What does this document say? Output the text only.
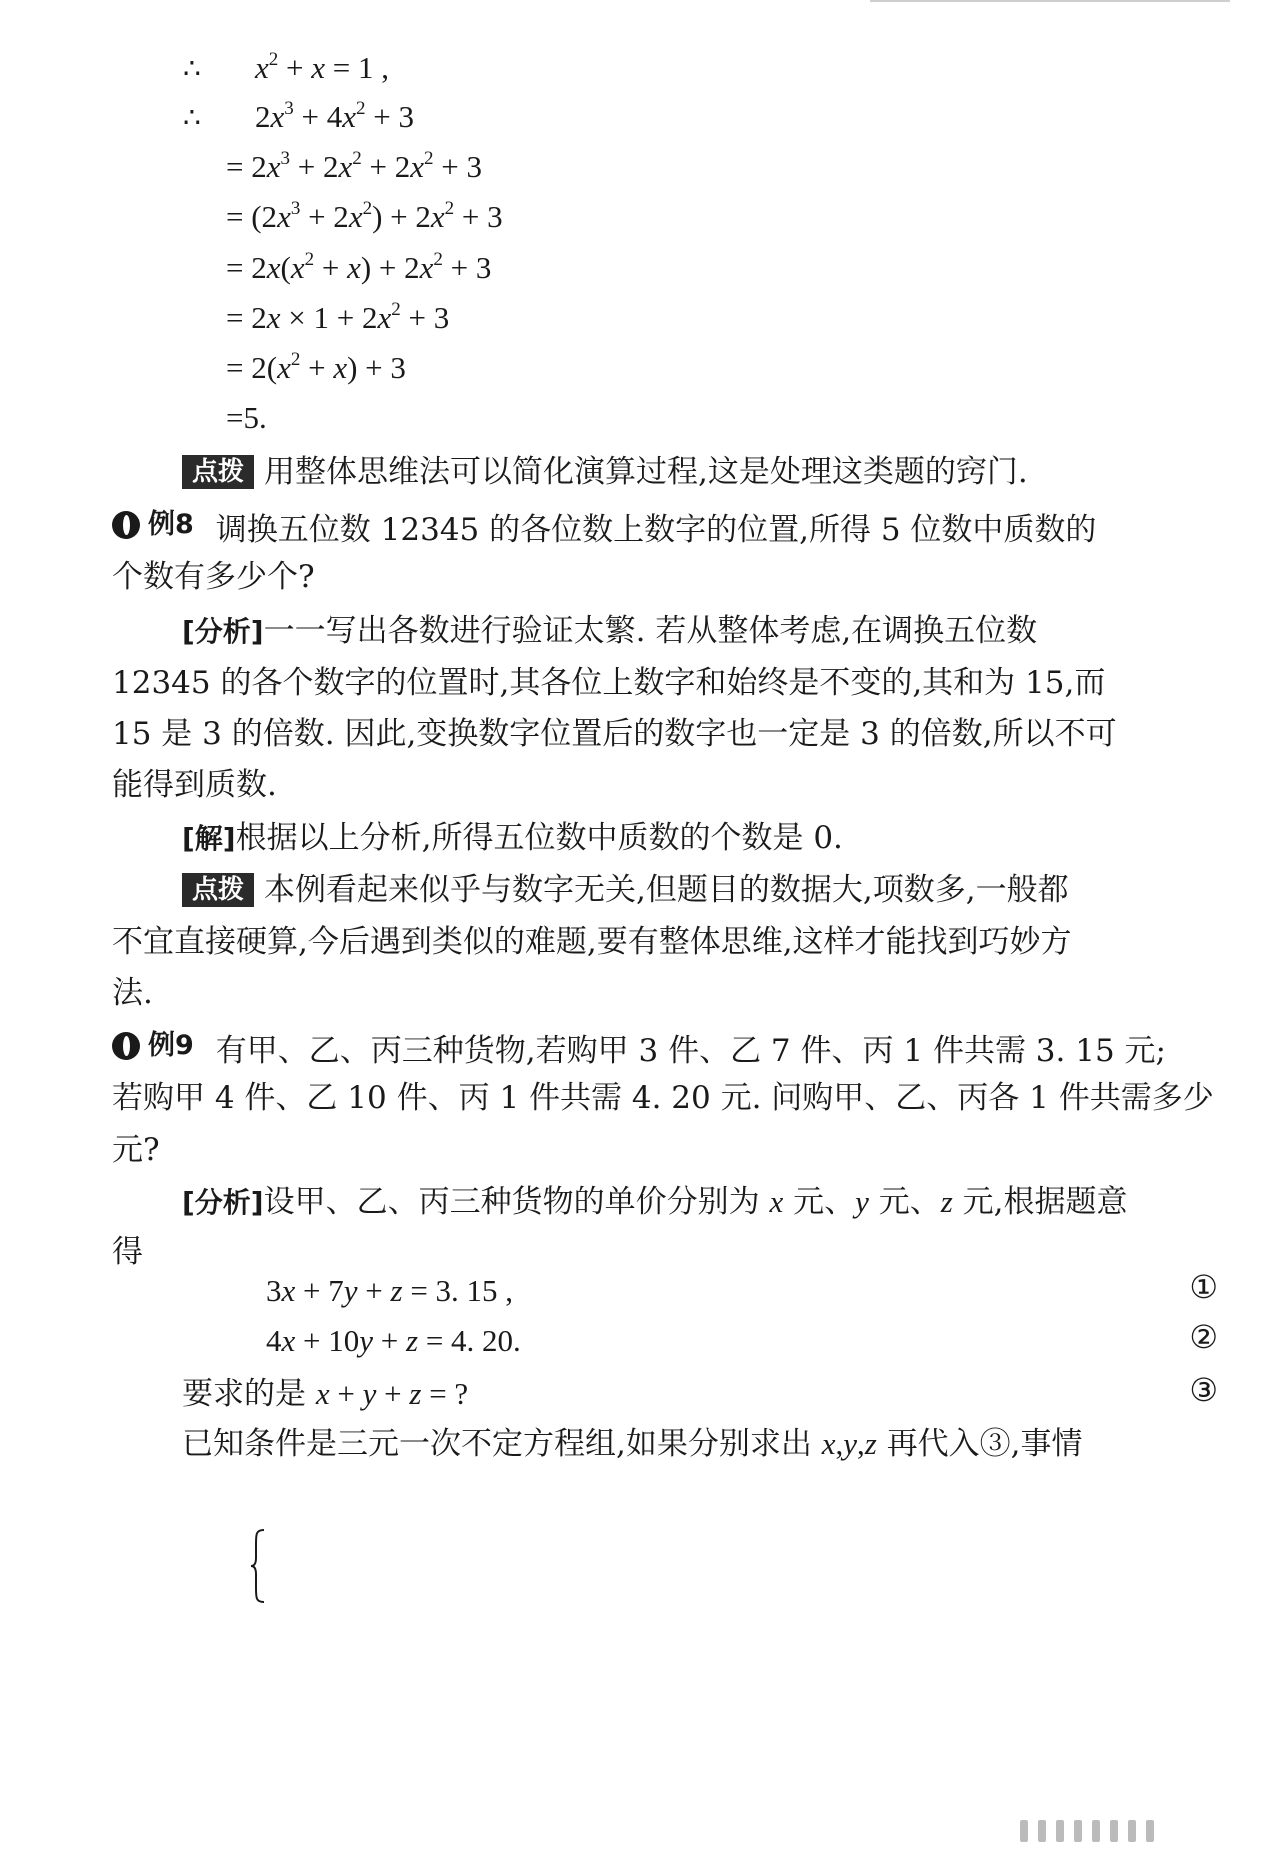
∴ $x^2 + x = 1$ ,
∴ $2x^3 + 4x^2 + 3$
= $2x^3 + 2x^2 + 2x^2 + 3$
= $(2x^3 + 2x^2) + 2x^2 + 3$
= $2x(x^2 + x) + 2x^2 + 3$
= $2x \times 1 + 2x^2 + 3$
= $2(x^2 + x) + 3$
=5.
点拨 用整体思维法可以简化演算过程,这是处理这类题的窍门.
例8 调换五位数 12345 的各位数上数字的位置,所得 5 位数中质数的
个数有多少个?
[分析]一一写出各数进行验证太繁. 若从整体考虑,在调换五位数
12345 的各个数字的位置时,其各位上数字和始终是不变的,其和为 15,而
15 是 3 的倍数. 因此,变换数字位置后的数字也一定是 3 的倍数,所以不可
能得到质数.
[解]根据以上分析,所得五位数中质数的个数是 0.
点拨 本例看起来似乎与数字无关,但题目的数据大,项数多,一般都
不宜直接硬算,今后遇到类似的难题,要有整体思维,这样才能找到巧妙方
法.
例9 有甲、乙、丙三种货物,若购甲 3 件、乙 7 件、丙 1 件共需 3. 15 元;
若购甲 4 件、乙 10 件、丙 1 件共需 4. 20 元. 问购甲、乙、丙各 1 件共需多少
元?
[分析]设甲、乙、丙三种货物的单价分别为 x 元、y 元、z 元,根据题意
得
3x + 7y + z = 3. 15 ,	①
4x + 10y + z = 4. 20.	②
要求的是 x + y + z = ?	③
已知条件是三元一次不定方程组,如果分别求出 x,y,z 再代入③,事情
